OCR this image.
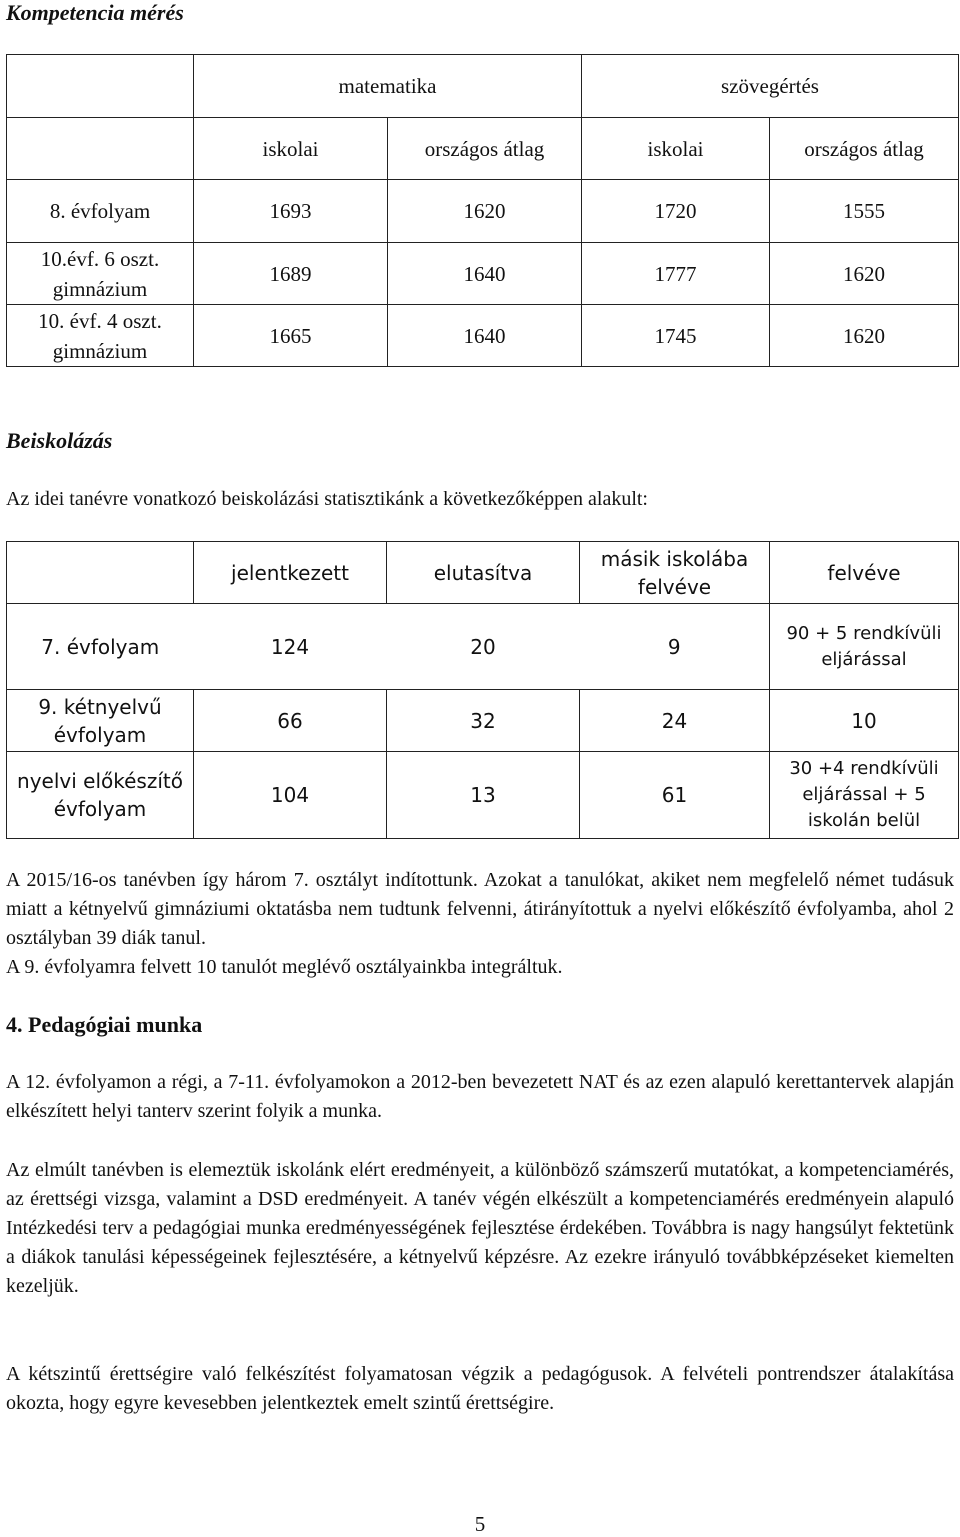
Kompetencia mérés
	matematika		szövegértés	
	iskolai	országos átlag	iskolai	országos átlag
8. évfolyam	1693	1620	1720	1555
10.évf. 6 oszt.
gimnázium	1689	1640	1777	1620
10. évf. 4 oszt.
gimnázium	1665	1640	1745	1620
Beiskolázás
Az idei tanévre vonatkozó beiskolázási statisztikánk a következőképpen alakult:
	jelentkezett	elutasítva	másik iskolába felvéve	felvéve
7. évfolyam	124	20	9	90 + 5 rendkívüli eljárással
9. kétnyelvű évfolyam	66	32	24	10
nyelvi előkészítő évfolyam	104	13	61	30 +4 rendkívüli eljárással + 5 iskolán belül

A 2015/16-os tanévben így három 7. osztályt indítottunk. Azokat a tanulókat, akiket nem megfelelő német tudásuk miatt a kétnyelvű gimnáziumi oktatásba nem tudtunk felvenni, átirányítottuk a nyelvi előkészítő évfolyamba, ahol 2 osztályban 39 diák tanul.

A 9. évfolyamra felvett 10 tanulót meglévő osztályainkba integráltuk.

4. Pedagógiai munka

A 12. évfolyamon a régi, a 7-11. évfolyamokon a 2012-ben bevezetett NAT és az ezen alapuló kerettantervek alapján elkészített helyi tanterv szerint folyik a munka.

Az elmúlt tanévben is elemeztük iskolánk elért eredményeit, a különböző számszerű mutatókat, a kompetenciamérés, az érettségi vizsga, valamint a DSD eredményeit. A tanév végén elkészült a kompetenciamérés eredményein alapuló Intézkedési terv a pedagógiai munka eredményességének fejlesztése érdekében. Továbbra is nagy hangsúlyt fektetünk a diákok tanulási képességeinek fejlesztésére, a kétnyelvű képzésre. Az ezekre irányuló továbbképzéseket kiemelten kezeljük.

A kétszintű érettségire való felkészítést folyamatosan végzik a pedagógusok. A felvételi pontrendszer átalakítása okozta, hogy egyre kevesebben jelentkeztek emelt szintű érettségire.

5
